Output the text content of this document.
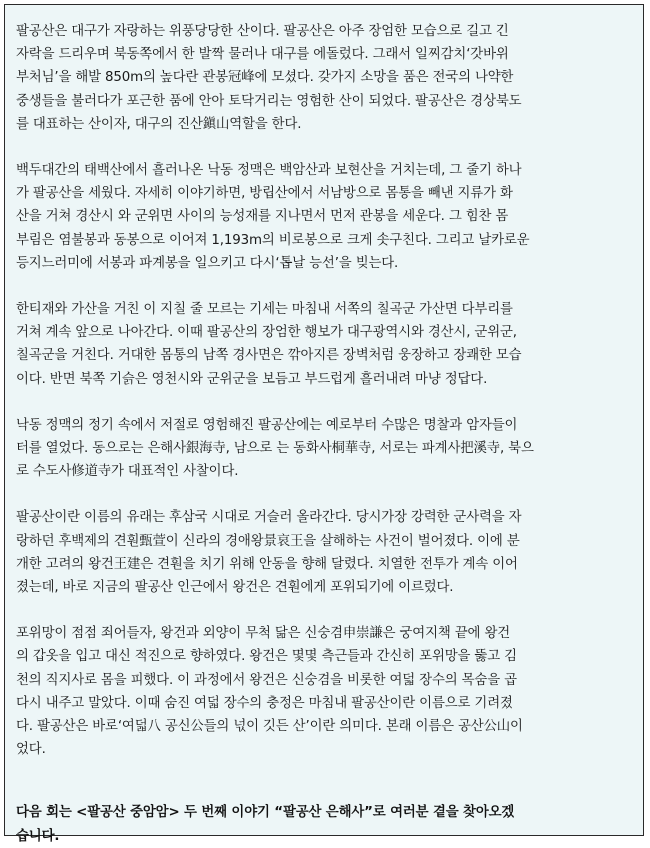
팔공산은 대구가 자랑하는 위풍당당한 산이다. 팔공산은 아주 장엄한 모습으로 길고 긴
자락을 드리우며 북동쪽에서 한 발짝 물러나 대구를 에돌렀다. 그래서 일찌감치‘갓바위
부처님’을 해발 850m의 높다란 관봉冠峰에 모셨다. 갖가지 소망을 품은 전국의 나약한
중생들을 불러다가 포근한 품에 안아 토닥거리는 영험한 산이 되었다. 팔공산은 경상북도
를 대표하는 산이자, 대구의 진산鎭山역할을 한다.

백두대간의 태백산에서 흘러나온 낙동 정맥은 백암산과 보현산을 거치는데, 그 줄기 하나
가 팔공산을 세웠다. 자세히 이야기하면, 방립산에서 서남방으로 몸통을 빼낸 지류가 화
산을 거쳐 경산시 와 군위면 사이의 능성재를 지나면서 먼저 관봉을 세운다. 그 힘찬 몸
부림은 염불봉과 동봉으로 이어져 1,193m의 비로봉으로 크게 솟구친다. 그리고 날카로운
등지느러미에 서봉과 파계봉을 일으키고 다시‘톱날 능선’을 빚는다.

한티재와 가산을 거친 이 지칠 줄 모르는 기세는 마침내 서쪽의 칠곡군 가산면 다부리를
거쳐 계속 앞으로 나아간다. 이때 팔공산의 장엄한 행보가 대구광역시와 경산시, 군위군,
칠곡군을 거친다. 거대한 몸통의 남쪽 경사면은 깎아지른 장벽처럼 웅장하고 장쾌한 모습
이다. 반면 북쪽 기슭은 영천시와 군위군을 보듬고 부드럽게 흘러내려 마냥 정답다.

낙동 정맥의 정기 속에서 저절로 영험해진 팔공산에는 예로부터 수많은 명찰과 암자들이
터를 열었다. 동으로는 은해사銀海寺, 남으로 는 동화사桐華寺, 서로는 파계사把溪寺, 북으
로 수도사修道寺가 대표적인 사찰이다.

팔공산이란 이름의 유래는 후삼국 시대로 거슬러 올라간다. 당시가장 강력한 군사력을 자
랑하던 후백제의 견훤甄萱이 신라의 경애왕景哀王을 살해하는 사건이 벌어졌다. 이에 분
개한 고려의 왕건王建은 견훤을 치기 위해 안동을 향해 달렸다. 치열한 전투가 계속 이어
졌는데, 바로 지금의 팔공산 인근에서 왕건은 견훤에게 포위되기에 이르렀다.

포위망이 점점 죄어들자, 왕건과 외양이 무척 닮은 신숭겸申崇謙은 궁여지책 끝에 왕건
의 갑옷을 입고 대신 적진으로 향하였다. 왕건은 몇몇 측근들과 간신히 포위망을 뚫고 김
천의 직지사로 몸을 피했다. 이 과정에서 왕건은 신숭겸을 비롯한 여덟 장수의 목숨을 곱
다시 내주고 말았다. 이때 숨진 여덟 장수의 충정은 마침내 팔공산이란 이름으로 기려졌
다. 팔공산은 바로‘여덟八 공신公들의 넋이 깃든 산’이란 의미다. 본래 이름은 공산公山이
었다.

다음 회는 <팔공산 중암암> 두 번째 이야기 “팔공산 은해사”로 여러분 곁을 찾아오겠
습니다.
